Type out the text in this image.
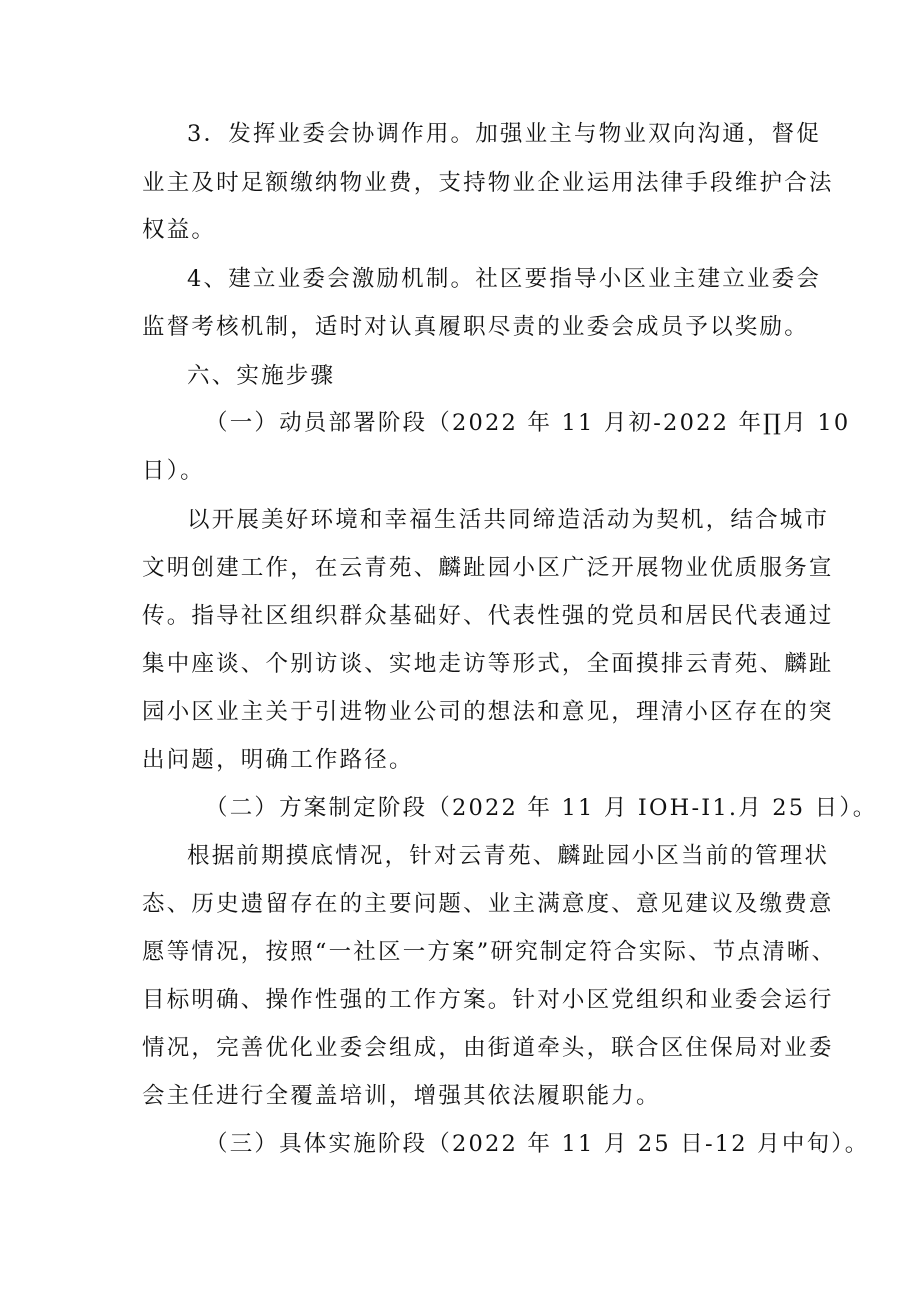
3．发挥业委会协调作用。加强业主与物业双向沟通，督促
业主及时足额缴纳物业费，支持物业企业运用法律手段维护合法
权益。
4、建立业委会激励机制。社区要指导小区业主建立业委会
监督考核机制，适时对认真履职尽责的业委会成员予以奖励。
六、实施步骤
（一）动员部署阶段（2022 年 11 月初-2022 年∏月 10
日）。
以开展美好环境和幸福生活共同缔造活动为契机，结合城市
文明创建工作，在云青苑、麟趾园小区广泛开展物业优质服务宣
传。指导社区组织群众基础好、代表性强的党员和居民代表通过
集中座谈、个别访谈、实地走访等形式，全面摸排云青苑、麟趾
园小区业主关于引进物业公司的想法和意见，理清小区存在的突
出问题，明确工作路径。
（二）方案制定阶段（2022 年 11 月 IOH-I1.月 25 日）。
根据前期摸底情况，针对云青苑、麟趾园小区当前的管理状
态、历史遗留存在的主要问题、业主满意度、意见建议及缴费意
愿等情况，按照“一社区一方案”研究制定符合实际、节点清晰、
目标明确、操作性强的工作方案。针对小区党组织和业委会运行
情况，完善优化业委会组成，由街道牵头，联合区住保局对业委
会主任进行全覆盖培训，增强其依法履职能力。
（三）具体实施阶段（2022 年 11 月 25 日-12 月中旬）。
